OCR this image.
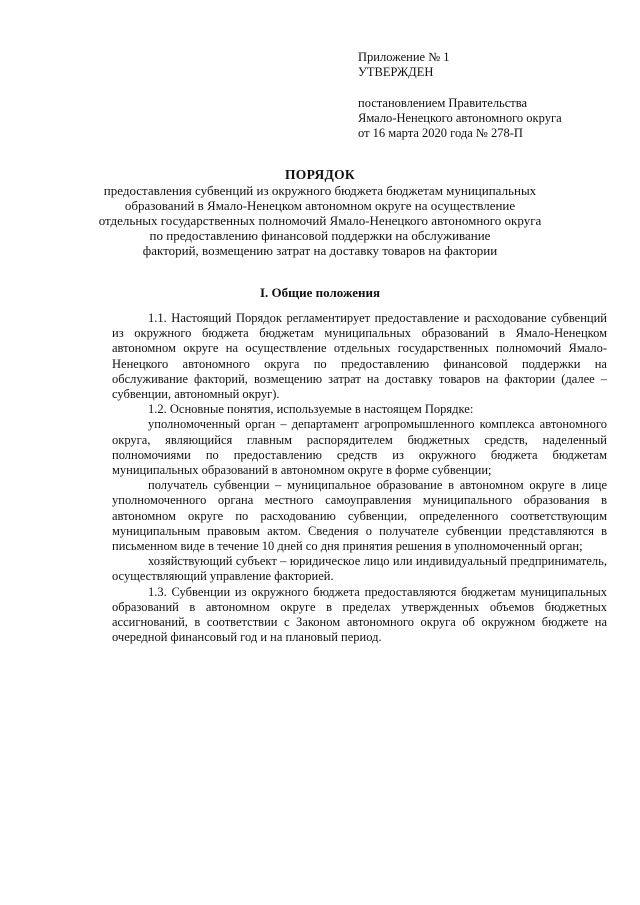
Приложение № 1
УТВЕРЖДЕН
постановлением Правительства
Ямало-Ненецкого автономного округа
от 16 марта 2020 года № 278-П
ПОРЯДОК
предоставления субвенций из окружного бюджета бюджетам муниципальных
образований в Ямало-Ненецком автономном округе на осуществление
отдельных государственных полномочий Ямало-Ненецкого автономного округа
по предоставлению финансовой поддержки на обслуживание
факторий, возмещению затрат на доставку товаров на фактории
I. Общие положения

1.1. Настоящий Порядок регламентирует предоставление и расходование субвенций из окружного бюджета бюджетам муниципальных образований в Ямало-Ненецком автономном округе на осуществление отдельных государственных полномочий Ямало-Ненецкого автономного округа по предоставлению финансовой поддержки на обслуживание факторий, возмещению затрат на доставку товаров на фактории (далее – субвенции, автономный округ).

1.2. Основные понятия, используемые в настоящем Порядке:

уполномоченный орган – департамент агропромышленного комплекса автономного округа, являющийся главным распорядителем бюджетных средств, наделенный полномочиями по предоставлению средств из окружного бюджета бюджетам муниципальных образований в автономном округе в форме субвенции;

получатель субвенции – муниципальное образование в автономном округе в лице уполномоченного органа местного самоуправления муниципального образования в автономном округе по расходованию субвенции, определенного соответствующим муниципальным правовым актом. Сведения о получателе субвенции представляются в письменном виде в течение 10 дней со дня принятия решения в уполномоченный орган;

хозяйствующий субъект – юридическое лицо или индивидуальный предприниматель, осуществляющий управление факторией.

1.3. Субвенции из окружного бюджета предоставляются бюджетам муниципальных образований в автономном округе в пределах утвержденных объемов бюджетных ассигнований, в соответствии с Законом автономного округа об окружном бюджете на очередной финансовый год и на плановый период.
